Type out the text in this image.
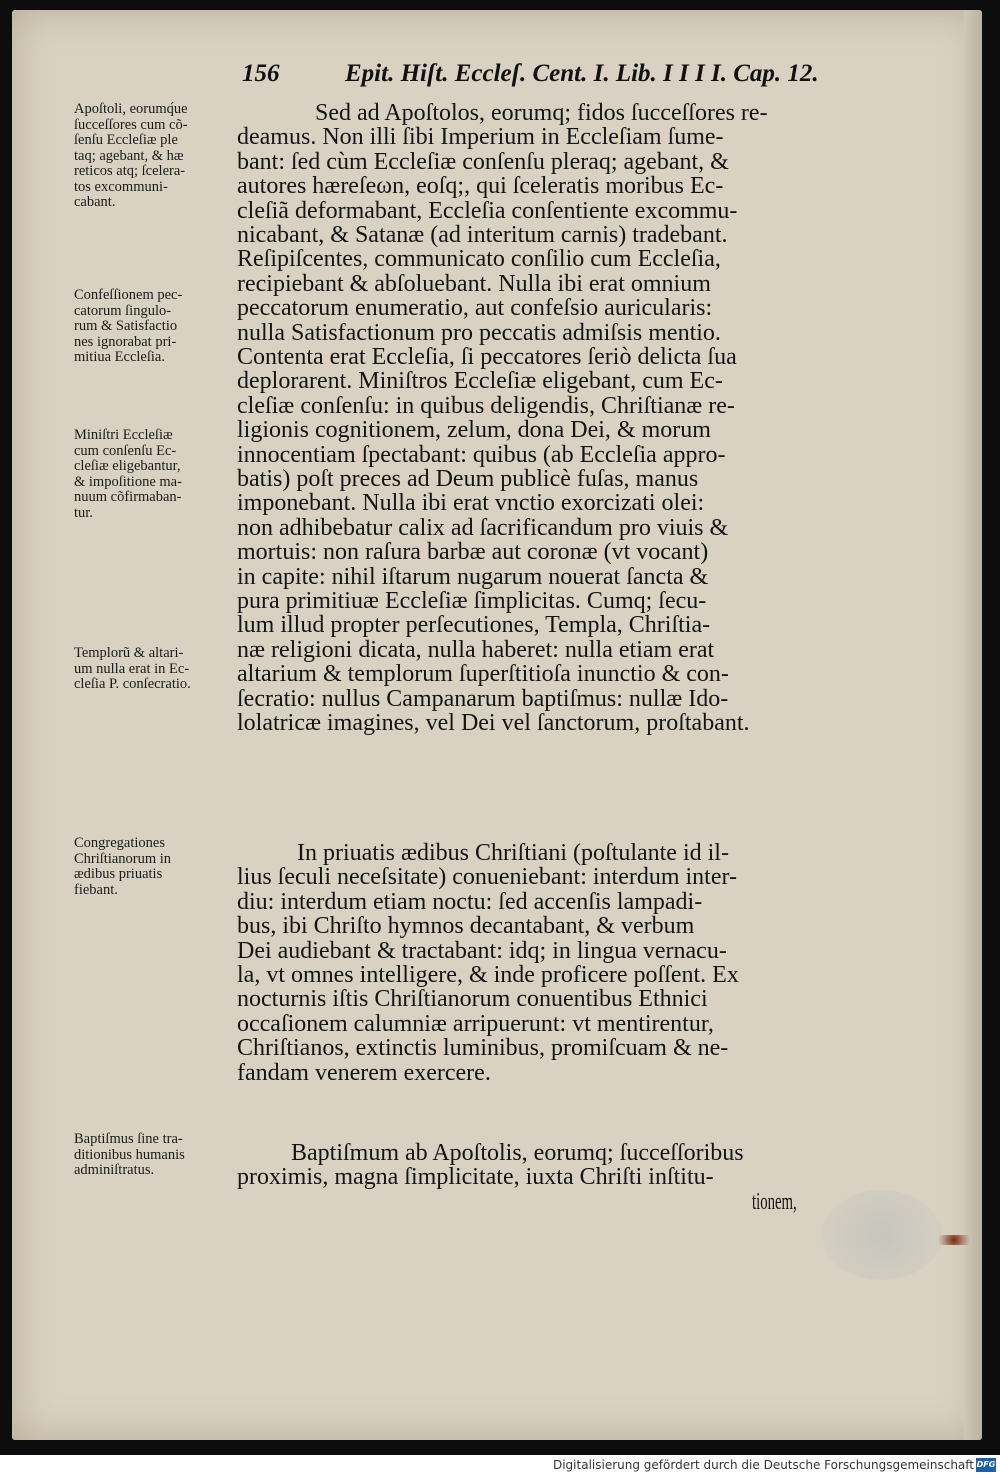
156	Epit. Hiſt. Eccleſ. Cent. I. Lib. I I I I. Cap. 12.
Apoſtoli, eorumq́ue
ſucceſſores cum cõ-
ſenſu Eccleſiæ ple
taq; agebant, & hæ
reticos atq; ſcelera-
tos excommuni-
cabant.
Confeſſionem pec-
catorum ſingulo-
rum & Satisfactio
nes ignorabat pri-
mitiua Eccleſia.
Miniſtri Eccleſiæ
cum conſenſu Ec-
cleſiæ eligebantur,
& impoſitione ma-
nuum cõfirmaban-
tur.
Templorũ & altari-
um nulla erat in Ec-
cleſia P. conſecratio.
Congregationes
Chriſtianorum in
ædibus priuatis
fiebant.
Baptiſmus ſine tra-
ditionibus humanis
adminiſtratus.
Sed ad Apoſtolos, eorumq; fidos ſucceſſores re-
deamus. Non illi ſibi Imperium in Eccleſiam ſume-
bant: ſed cùm Eccleſiæ conſenſu pleraq; agebant, &
autores hæreſeωn, eoſq;, qui ſceleratis moribus Ec-
cleſiã deformabant, Eccleſia conſentiente excommu-
nicabant, & Satanæ (ad interitum carnis) tradebant.
Reſipiſcentes, communicato conſilio cum Eccleſia,
recipiebant & abſoluebant. Nulla ibi erat omnium
peccatorum enumeratio, aut confeſsio auricularis:
nulla Satisfactionum pro peccatis admiſsis mentio.
Contenta erat Eccleſia, ſi peccatores ſeriò delicta ſua
deplorarent. Miniſtros Eccleſiæ eligebant, cum Ec-
cleſiæ conſenſu: in quibus deligendis, Chriſtianæ re-
ligionis cognitionem, zelum, dona Dei, & morum
innocentiam ſpectabant: quibus (ab Eccleſia appro-
batis) poſt preces ad Deum publicè fuſas, manus
imponebant. Nulla ibi erat vnctio exorcizati olei:
non adhibebatur calix ad ſacrificandum pro viuis &
mortuis: non raſura barbæ aut coronæ (vt vocant)
in capite: nihil iſtarum nugarum nouerat ſancta &
pura primitiuæ Eccleſiæ ſimplicitas. Cumq; ſecu-
lum illud propter perſecutiones, Templa, Chriſtia-
næ religioni dicata, nulla haberet: nulla etiam erat
altarium & templorum ſuperſtitioſa inunctio & con-
ſecratio: nullus Campanarum baptiſmus: nullæ Ido-
lolatricæ imagines, vel Dei vel ſanctorum, proſtabant.
In priuatis ædibus Chriſtiani (poſtulante id il-
lius ſeculi neceſsitate) conueniebant: interdum inter-
diu: interdum etiam noctu: ſed accenſis lampadi-
bus, ibi Chriſto hymnos decantabant, & verbum
Dei audiebant & tractabant: idq; in lingua vernacu-
la, vt omnes intelligere, & inde proficere poſſent. Ex
nocturnis iſtis Chriſtianorum conuentibus Ethnici
occaſionem calumniæ arripuerunt: vt mentirentur,
Chriſtianos, extinctis luminibus, promiſcuam & ne-
fandam venerem exercere.
Baptiſmum ab Apoſtolis, eorumq; ſucceſſoribus
proximis, magna ſimplicitate, iuxta Chriſti inſtitu-
tionem,
Digitalisierung gefördert durch die Deutsche Forschungsgemeinschaft DFG
